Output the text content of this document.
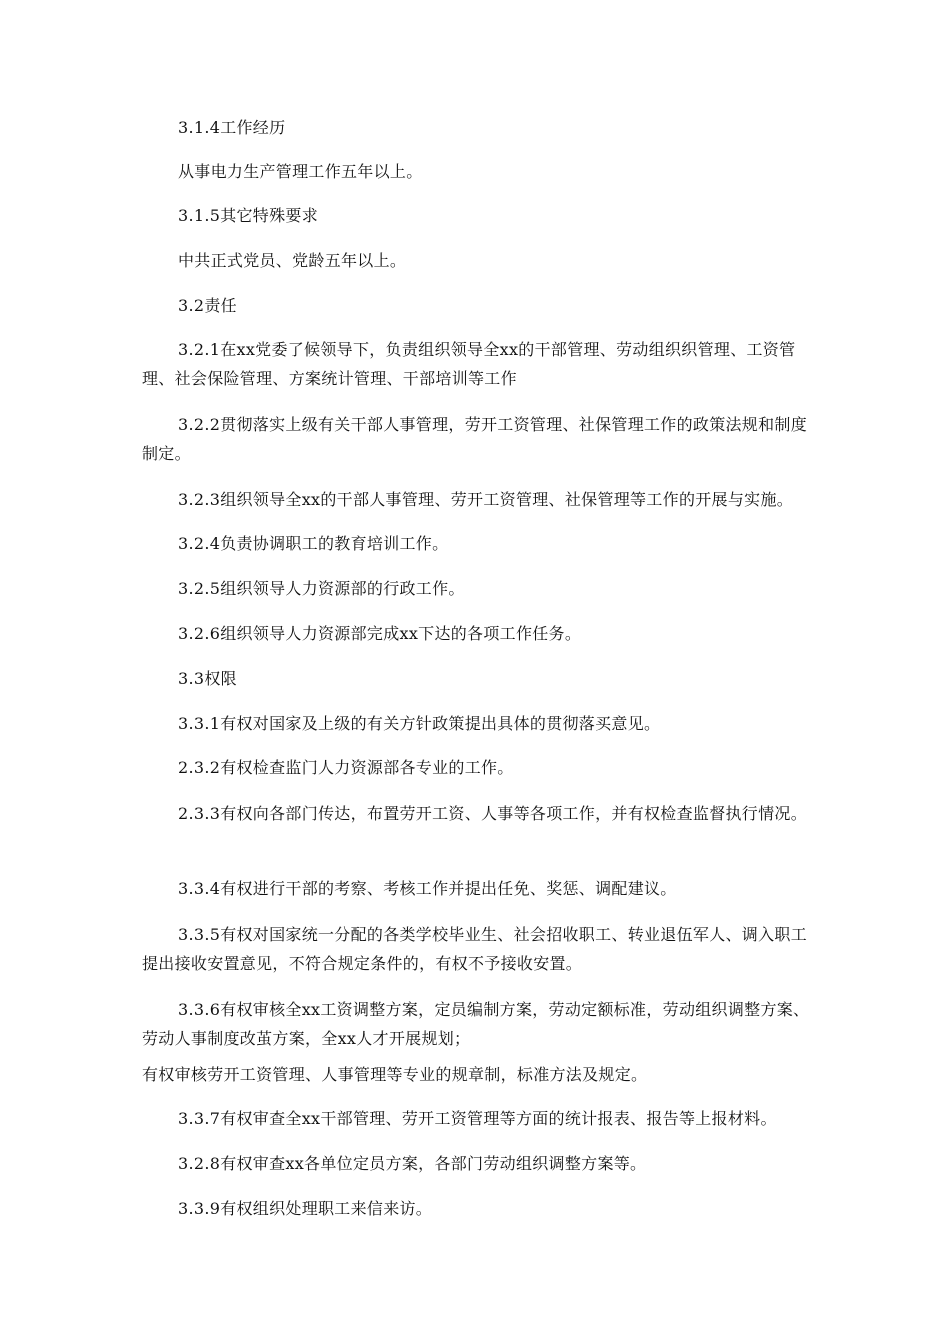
3.1.4工作经历

从事电力生产管理工作五年以上。

3.1.5其它特殊要求

中共正式党员、党龄五年以上。

3.2责任

3.2.1在xx党委了候领导下，负责组织领导全xx的干部管理、劳动组织织管理、工资管理、社会保险管理、方案统计管理、干部培训等工作

3.2.2贯彻落实上级有关干部人事管理，劳开工资管理、社保管理工作的政策法规和制度制定。

3.2.3组织领导全xx的干部人事管理、劳开工资管理、社保管理等工作的开展与实施。

3.2.4负责协调职工的教育培训工作。

3.2.5组织领导人力资源部的行政工作。

3.2.6组织领导人力资源部完成xx下达的各项工作任务。

3.3权限

3.3.1有权对国家及上级的有关方针政策提出具体的贯彻落买意见。

2.3.2有权检查监门人力资源部各专业的工作。

2.3.3有权向各部门传达，布置劳开工资、人事等各项工作，并有权检查监督执行情况。

3.3.4有权进行干部的考察、考核工作并提出任免、奖惩、调配建议。

3.3.5有权对国家统一分配的各类学校毕业生、社会招收职工、转业退伍军人、调入职工提出接收安置意见，不符合规定条件的，有权不予接收安置。

3.3.6有权审核全xx工资调整方案，定员编制方案，劳动定额标准，劳动组织调整方案、劳动人事制度改茧方案，全xx人才开展规划；

有权审核劳开工资管理、人事管理等专业的规章制，标准方法及规定。

3.3.7有权审查全xx干部管理、劳开工资管理等方面的统计报表、报告等上报材料。

3.2.8有权审查xx各单位定员方案，各部门劳动组织调整方案等。

3.3.9有权组织处理职工来信来访。
